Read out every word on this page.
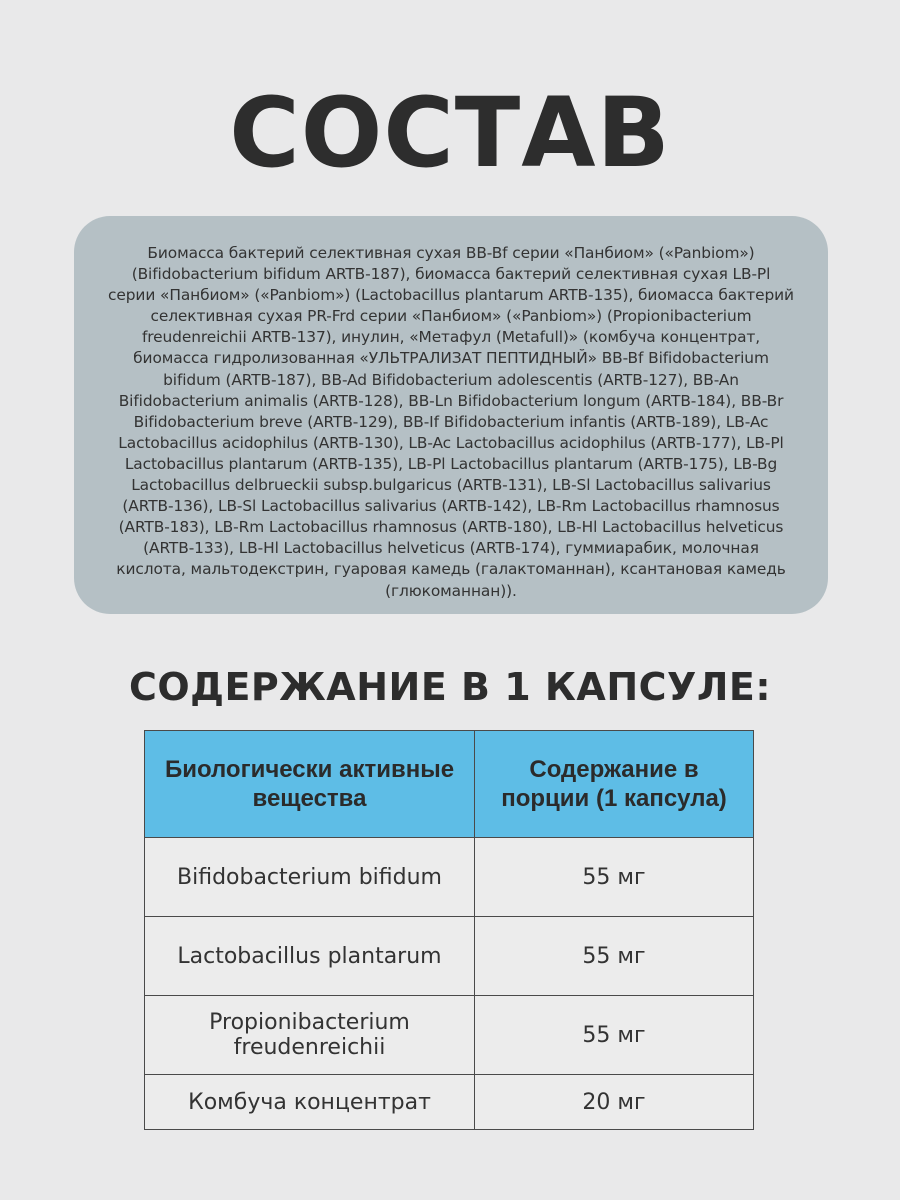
СОСТАВ

Биомасса бактерий селективная сухая BB-Bf серии «Панбиом» («Panbiom») (Bifidobacterium bifidum ARTB-187), биомасса бактерий селективная сухая LB-Pl серии «Панбиом» («Panbiom») (Lactobacillus plantarum ARTB-135), биомасса бактерий селективная сухая PR-Frd серии «Панбиом» («Panbiom») (Propionibacterium freudenreichii ARTB-137), инулин, «Метафул (Metafull)» (комбуча концентрат, биомасса гидролизованная «УЛЬТРАЛИЗАТ ПЕПТИДНЫЙ» BB-Bf Bifidobacterium bifidum (ARTB-187), BB-Ad Bifidobacterium adolescentis (ARTB-127), BB-An Bifidobacterium animalis (ARTB-128), BB-Ln Bifidobacterium longum (ARTB-184), BB-Br Bifidobacterium breve (ARTB-129), BB-If Bifidobacterium infantis (ARTB-189), LB-Ac Lactobacillus acidophilus (ARTB-130), LB-Ac Lactobacillus acidophilus (ARTB-177), LB-Pl Lactobacillus plantarum (ARTB-135), LB-Pl Lactobacillus plantarum (ARTB-175), LB-Bg Lactobacillus delbrueckii subsp.bulgaricus (ARTB-131), LB-Sl Lactobacillus salivarius (ARTB-136), LB-Sl Lactobacillus salivarius (ARTB-142), LB-Rm Lactobacillus rhamnosus (ARTB-183), LB-Rm Lactobacillus rhamnosus (ARTB-180), LB-Hl Lactobacillus helveticus (ARTB-133), LB-Hl Lactobacillus helveticus (ARTB-174), гуммиарабик, молочная кислота, мальтодекстрин, гуаровая камедь (галактоманнан), ксантановая камедь (глюкоманнан)).

СОДЕРЖАНИЕ В 1 КАПСУЛЕ:
Биологически активные вещества	Содержание в порции (1 капсула)
Bifidobacterium bifidum	55 мг
Lactobacillus plantarum	55 мг
Propionibacterium freudenreichii	55 мг
Комбуча концентрат	20 мг
